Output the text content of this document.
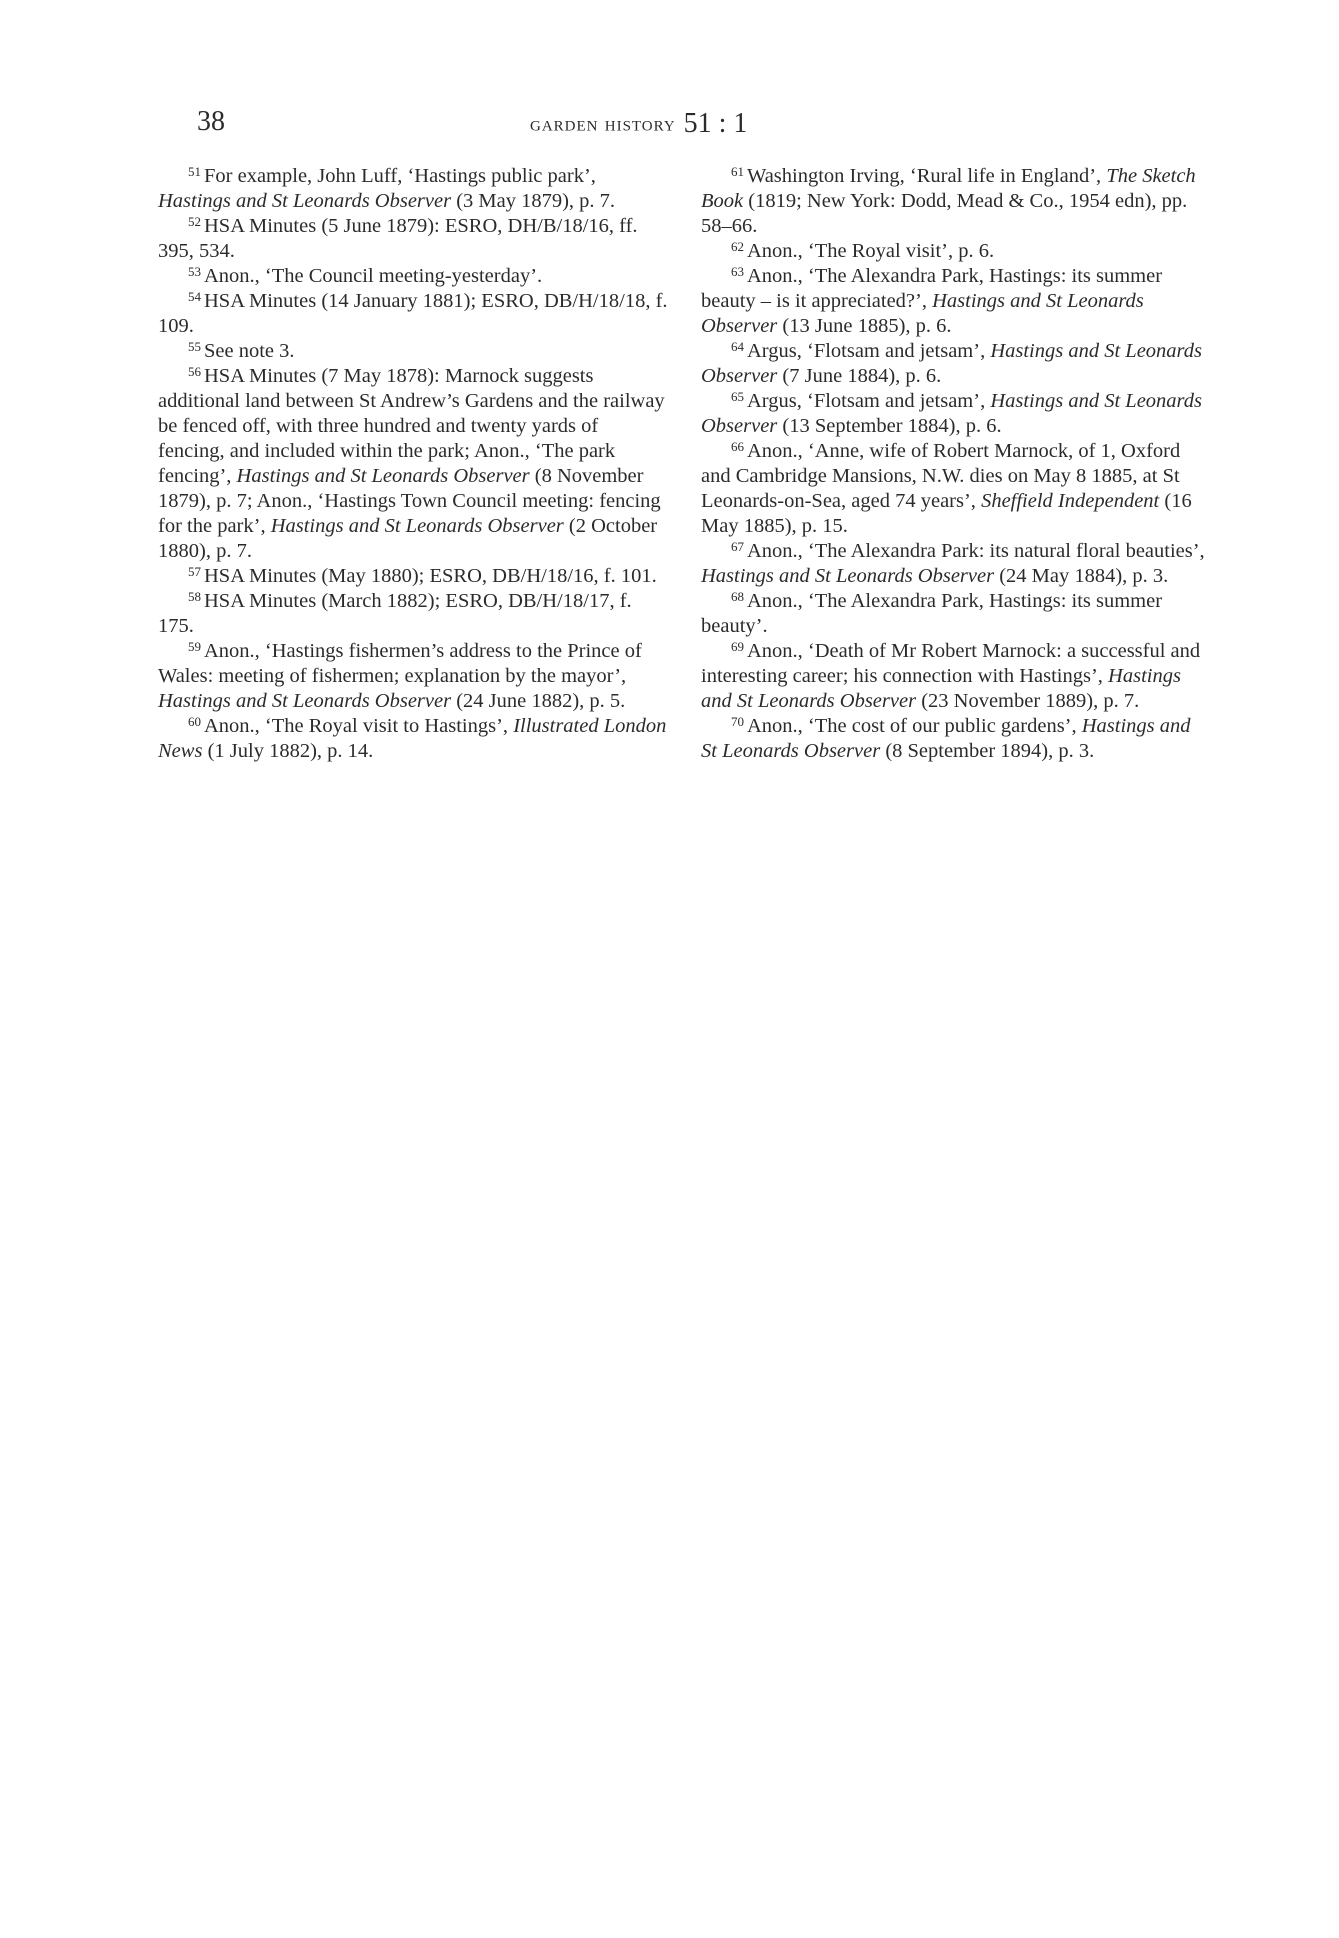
38	garden history 51 : 1

$^{51}$ For example, John Luff, ‘Hastings public park’, Hastings and St Leonards Observer (3 May 1879), p. 7.

$^{52}$ HSA Minutes (5 June 1879): ESRO, DH/B/18/16, ff. 395, 534.

$^{53}$ Anon., ‘The Council meeting-yesterday’.

$^{54}$ HSA Minutes (14 January 1881); ESRO, DB/H/18/18, f. 109.

$^{55}$ See note 3.

$^{56}$ HSA Minutes (7 May 1878): Marnock suggests additional land between St Andrew’s Gardens and the railway be fenced off, with three hundred and twenty yards of fencing, and included within the park; Anon., ‘The park fencing’, Hastings and St Leonards Observer (8 November 1879), p. 7; Anon., ‘Hastings Town Council meeting: fencing for the park’, Hastings and St Leonards Observer (2 October 1880), p. 7.

$^{57}$ HSA Minutes (May 1880); ESRO, DB/H/18/16, f. 101.

$^{58}$ HSA Minutes (March 1882); ESRO, DB/H/18/17, f. 175.

$^{59}$ Anon., ‘Hastings fishermen’s address to the Prince of Wales: meeting of fishermen; explanation by the mayor’, Hastings and St Leonards Observer (24 June 1882), p. 5.

$^{60}$ Anon., ‘The Royal visit to Hastings’, Illustrated London News (1 July 1882), p. 14.

$^{61}$ Washington Irving, ‘Rural life in England’, The Sketch Book (1819; New York: Dodd, Mead & Co., 1954 edn), pp. 58–66.

$^{62}$ Anon., ‘The Royal visit’, p. 6.

$^{63}$ Anon., ‘The Alexandra Park, Hastings: its summer beauty – is it appreciated?’, Hastings and St Leonards Observer (13 June 1885), p. 6.

$^{64}$ Argus, ‘Flotsam and jetsam’, Hastings and St Leonards Observer (7 June 1884), p. 6.

$^{65}$ Argus, ‘Flotsam and jetsam’, Hastings and St Leonards Observer (13 September 1884), p. 6.

$^{66}$ Anon., ‘Anne, wife of Robert Marnock, of 1, Oxford and Cambridge Mansions, N.W. dies on May 8 1885, at St Leonards-on-Sea, aged 74 years’, Sheffield Independent (16 May 1885), p. 15.

$^{67}$ Anon., ‘The Alexandra Park: its natural floral beauties’, Hastings and St Leonards Observer (24 May 1884), p. 3.

$^{68}$ Anon., ‘The Alexandra Park, Hastings: its summer beauty’.

$^{69}$ Anon., ‘Death of Mr Robert Marnock: a successful and interesting career; his connection with Hastings’, Hastings and St Leonards Observer (23 November 1889), p. 7.

$^{70}$ Anon., ‘The cost of our public gardens’, Hastings and St Leonards Observer (8 September 1894), p. 3.
